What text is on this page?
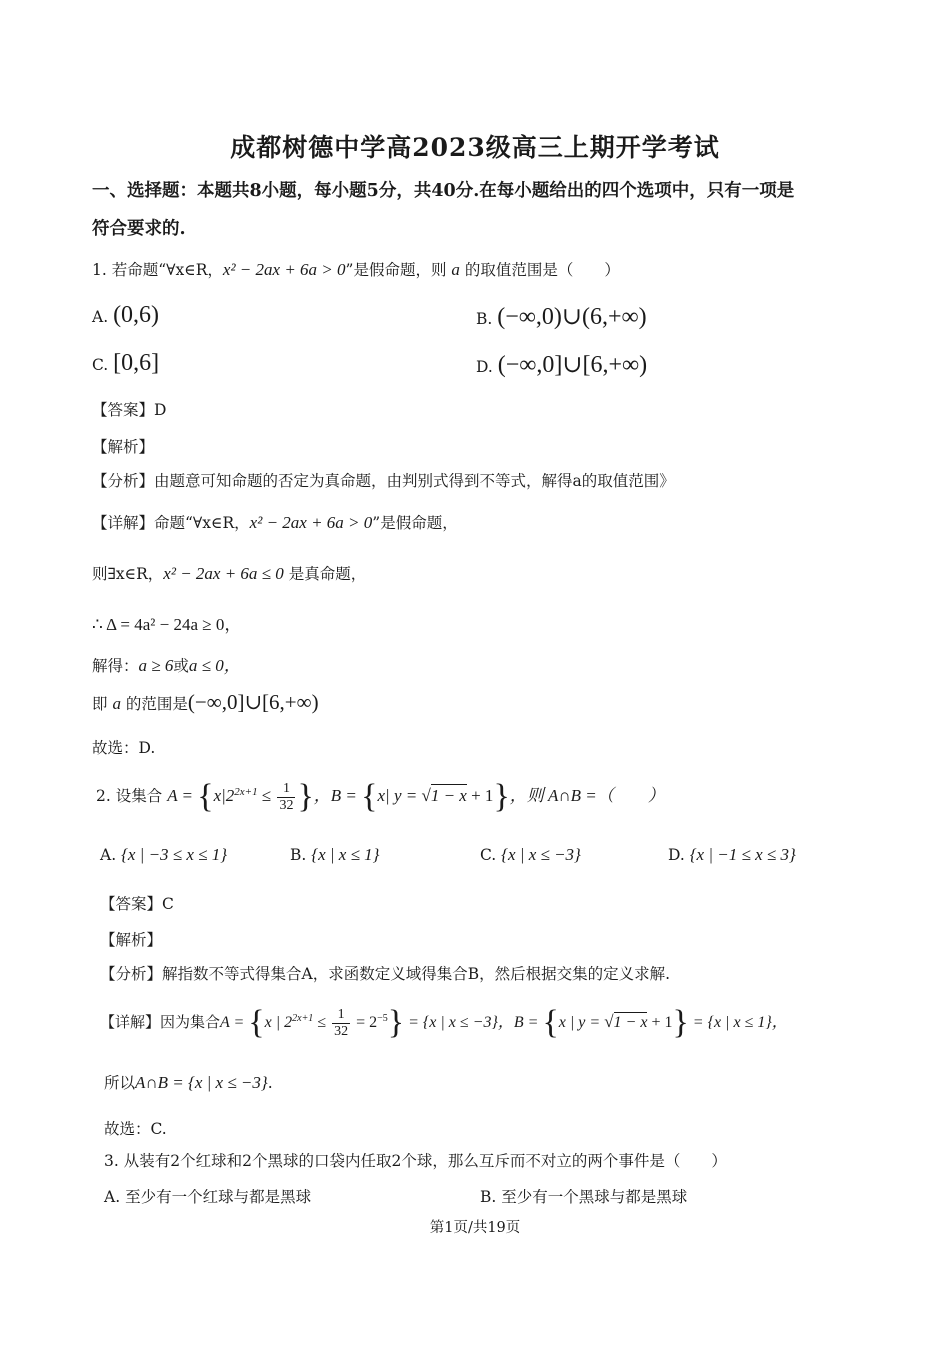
成都树德中学高2023级高三上期开学考试
一、选择题：本题共8小题，每小题5分，共40分.在每小题给出的四个选项中，只有一项是
符合要求的.
1. 若命题“∀x∈R，x² − 2ax + 6a > 0”是假命题，则 a 的取值范围是（　　）
A. (0,6)	B. (−∞,0)∪(6,+∞)
C. [0,6]	D. (−∞,0]∪[6,+∞)
【答案】D
【解析】
【分析】由题意可知命题的否定为真命题，由判别式得到不等式，解得a的取值范围》
【详解】命题“∀x∈R，x² − 2ax + 6a > 0”是假命题，
则∃x∈R，x² − 2ax + 6a ≤ 0 是真命题，
∴ Δ = 4a² − 24a ≥ 0，
解得：a ≥ 6或a ≤ 0，
即 a 的范围是(−∞,0]∪[6,+∞)
故选：D.
2. 设集合 $A = \{x|2^{2x+1} \le \frac{1}{32}$ }，B = {x| y = √1 − x + 1}，则 A∩B =（　　）
A. {x | −3 ≤ x ≤ 1}	B. {x | x ≤ 1}	C. {x | x ≤ −3}	D. {x | −1 ≤ x ≤ 3}
【答案】C
【解析】
【分析】解指数不等式得集合A，求函数定义域得集合B，然后根据交集的定义求解.
【详解】因为集合A = {x | $2^{2x+1} \le \frac{1}{32} = 2^{-5}\} = \{x$ | x ≤ −3}，B = {x | y = √1 − x + 1} = {x | x ≤ 1}，
所以A∩B = {x | x ≤ −3}.
故选：C.
3. 从装有2个红球和2个黑球的口袋内任取2个球，那么互斥而不对立的两个事件是（　　）
A. 至少有一个红球与都是黑球	B. 至少有一个黑球与都是黑球
第1页/共19页
